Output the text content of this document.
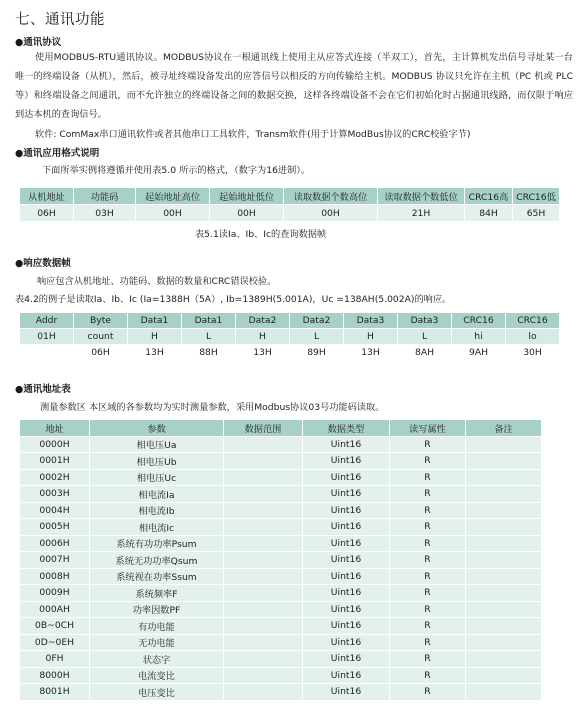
七、通讯功能
●通讯协议
使用MODBUS-RTU通讯协议。MODBUS协议在一根通讯线上使用主从应答式连接（半双工），首先，主计算机发出信号寻址某一台唯一的终端设备（从机），然后，被寻址终端设备发出的应答信号以相反的方向传输给主机。MODBUS 协议只允许在主机（PC 机或 PLC 等）和终端设备之间通讯，而不允许独立的终端设备之间的数据交换，这样各终端设备不会在它们初始化时占据通讯线路，而仅限于响应到达本机的查询信号。
软件: ComMax串口通讯软件或者其他串口工具软件，Transm软件(用于计算ModBus协议的CRC校验字节)
●通讯应用格式说明
下面所举实例将遵循并使用表5.0 所示的格式，（数字为16进制）。
从机地址	功能码	起始地址高位	起始地址低位	读取数据个数高位	读取数据个数低位	CRC16高	CRC16低
06H	03H	00H	00H	00H	21H	84H	65H
表5.1读Ia、Ib、Ic的查询数据帧
●响应数据帧
响应包含从机地址、功能码、数据的数量和CRC错误校验。
表4.2的例子是读取Ia、Ib、Ic (Ia=1388H（5A）, Ib=1389H(5.001A)，Uc =138AH(5.002A)的响应。
Addr	Byte	Data1	Data1	Data2	Data2	Data3	Data3	CRC16	CRC16
01H	count	H	L	H	L	H	L	hi	lo
	06H	13H	88H	13H	89H	13H	8AH	9AH	30H
●通讯地址表
测量参数区 本区域的各参数均为实时测量参数，采用Modbus协议03号功能码读取。
地址	参数	数据范围	数据类型	读写属性	备注
0000H	相电压Ua		Uint16	R	
0001H	相电压Ub		Uint16	R	
0002H	相电压Uc		Uint16	R	
0003H	相电流Ia		Uint16	R	
0004H	相电流Ib		Uint16	R	
0005H	相电流Ic		Uint16	R	
0006H	系统有功功率Psum		Uint16	R	
0007H	系统无功功率Qsum		Uint16	R	
0008H	系统视在功率Ssum		Uint16	R	
0009H	系统频率F		Uint16	R	
000AH	功率因数PF		Uint16	R	
0B~0CH	有功电能		Uint16	R	
0D~0EH	无功电能		Uint16	R	
0FH	状态字		Uint16	R	
8000H	电流变比		Uint16	R	
8001H	电压变比		Uint16	R	
